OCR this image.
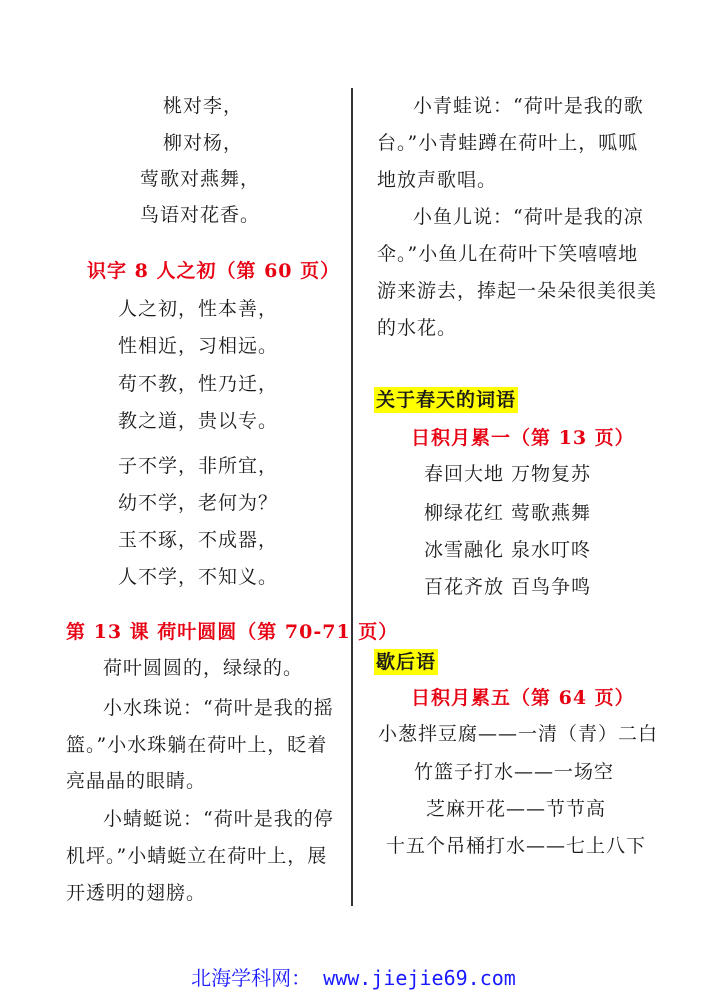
桃对李，
柳对杨，
莺歌对燕舞，
鸟语对花香。
识字 8 人之初（第 60 页）
人之初，性本善，
性相近，习相远。
苟不教，性乃迁，
教之道，贵以专。
子不学，非所宜，
幼不学，老何为？
玉不琢，不成器，
人不学，不知义。
第 13 课 荷叶圆圆（第 70-71 页）
荷叶圆圆的，绿绿的。
小水珠说：“荷叶是我的摇
篮。”小水珠躺在荷叶上，眨着
亮晶晶的眼睛。
小蜻蜓说：“荷叶是我的停
机坪。”小蜻蜓立在荷叶上，展
开透明的翅膀。
小青蛙说：“荷叶是我的歌
台。”小青蛙蹲在荷叶上，呱呱
地放声歌唱。
小鱼儿说：“荷叶是我的凉
伞。”小鱼儿在荷叶下笑嘻嘻地
游来游去，捧起一朵朵很美很美
的水花。
关于春天的词语
日积月累一（第 13 页）
春回大地 万物复苏
柳绿花红 莺歌燕舞
冰雪融化 泉水叮咚
百花齐放 百鸟争鸣
歇后语
日积月累五（第 64 页）
小葱拌豆腐——一清（青）二白
竹篮子打水——一场空
芝麻开花——节节高
十五个吊桶打水——七上八下
北海学科网： www.jiejie69.com
